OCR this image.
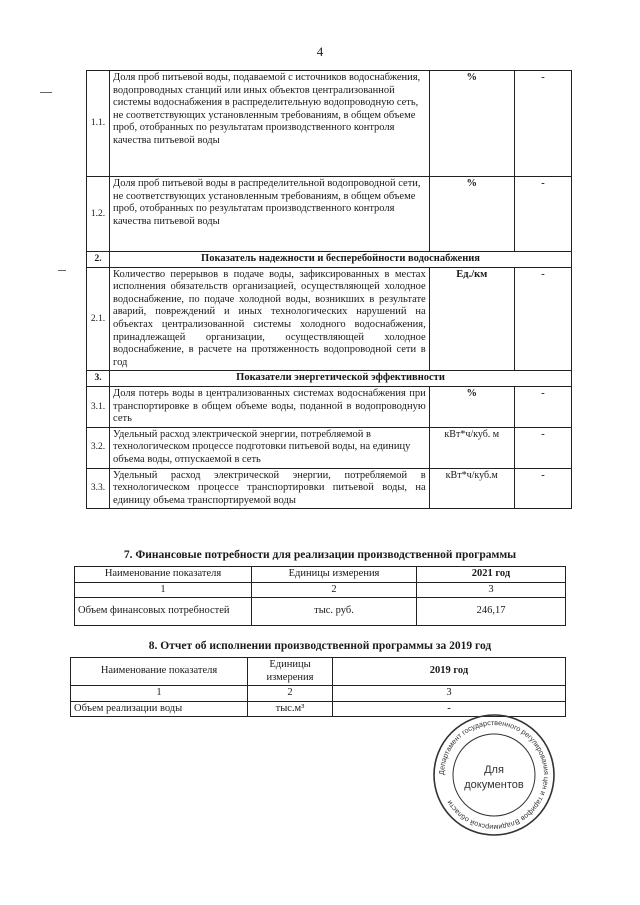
4
1.1.	Доля проб питьевой воды, подаваемой с источников водоснабжения, водопроводных станций или иных объектов централизованной системы водоснабжения в распределительную водопроводную сеть, не соответствующих установленным требованиям, в общем объеме проб, отобранных по результатам производственного контроля качества питьевой воды	%	-
1.2.	Доля проб питьевой воды в распределительной водопроводной сети, не соответствующих установленным требованиям, в общем объеме проб, отобранных по результатам производственного контроля качества питьевой воды	%	-
2.	Показатель надежности и бесперебойности водоснабжения		
2.1.	Количество перерывов в подаче воды, зафиксированных в местах исполнения обязательств организацией, осуществляющей холодное водоснабжение, по подаче холодной воды, возникших в результате аварий, повреждений и иных технологических нарушений на объектах централизованной системы холодного водоснабжения, принадлежащей организации, осуществляющей холодное водоснабжение, в расчете на протяженность водопроводной сети в год	Ед./км	-
3.	Показатели энергетической эффективности		
3.1.	Доля потерь воды в централизованных системах водоснабжения при транспортировке в общем объеме воды, поданной в водопроводную сеть	%	-
3.2.	Удельный расход электрической энергии, потребляемой в технологическом процессе подготовки питьевой воды, на единицу объема воды, отпускаемой в сеть	кВт*ч/куб. м	-
3.3.	Удельный расход электрической энергии, потребляемой в технологическом процессе транспортировки питьевой воды, на единицу объема транспортируемой воды	кВт*ч/куб.м	-
7. Финансовые потребности для реализации производственной программы
Наименование показателя	Единицы измерения	2021 год
1	2	3
Объем финансовых потребностей	тыс. руб.	246,17
8. Отчет об исполнении производственной программы за 2019 год
Наименование показателя	Единицы измерения	2019 год
1	2	3
Объем реализации воды	тыс.м³	-
Департамент государственного регулирования цен и тарифов Владимирской области
Для
документов
